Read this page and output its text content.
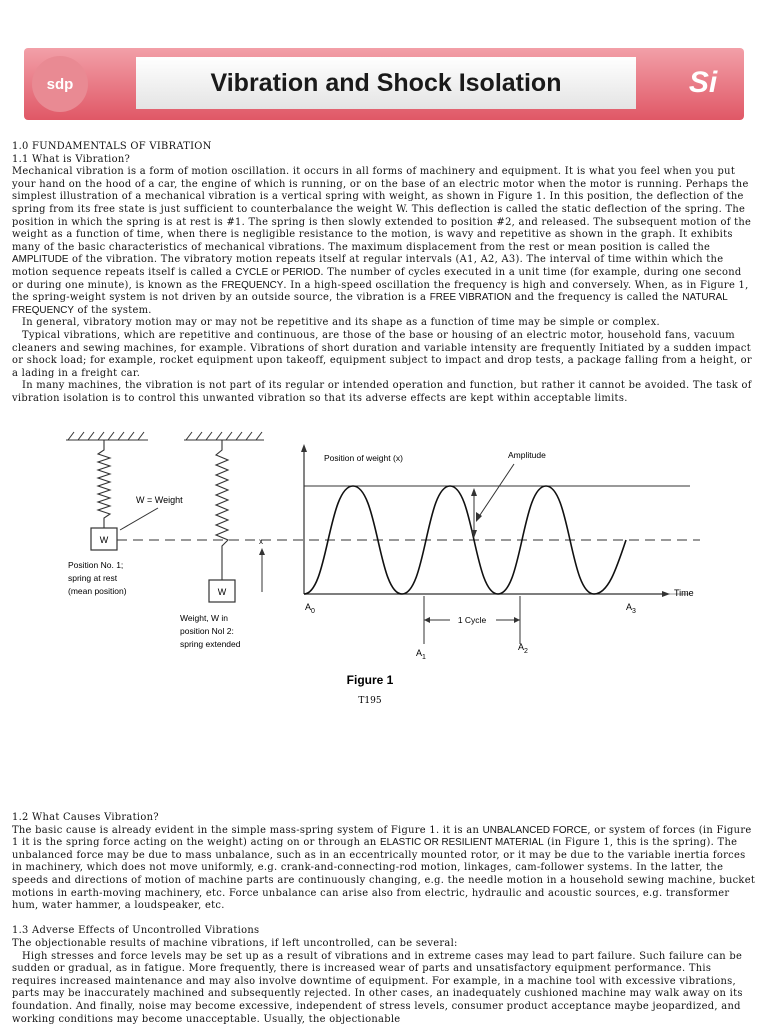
sdp	Vibration and Shock Isolation	Si

1.0 FUNDAMENTALS OF VIBRATION

1.1 What is Vibration?

Mechanical vibration is a form of motion oscillation. it occurs in all forms of machinery and equipment. It is what you feel when you put your hand on the hood of a car, the engine of which is running, or on the base of an electric motor when the motor is running. Perhaps the simplest illustration of a mechanical vibration is a vertical spring with weight, as shown in Figure 1. In this position, the deflection of the spring from its free state is just sufficient to counterbalance the weight W. This deflection is called the static deflection of the spring. The position in which the spring is at rest is #1. The spring is then slowly extended to position #2, and released. The subsequent motion of the weight as a function of time, when there is negligible resistance to the motion, is wavy and repetitive as shown in the graph. It exhibits many of the basic characteristics of mechanical vibrations. The maximum displacement from the rest or mean position is called the AMPLITUDE of the vibration. The vibratory motion repeats itself at regular intervals (A1, A2, A3). The interval of time within which the motion sequence repeats itself is called a CYCLE or PERIOD. The number of cycles executed in a unit time (for example, during one second or during one minute), is known as the FREQUENCY. In a high-speed oscillation the frequency is high and conversely. When, as in Figure 1, the spring-weight system is not driven by an outside source, the vibration is a FREE VIBRATION and the frequency is called the NATURAL FREQUENCY of the system.

In general, vibratory motion may or may not be repetitive and its shape as a function of time may be simple or complex.

Typical vibrations, which are repetitive and continuous, are those of the base or housing of an electric motor, household fans, vacuum cleaners and sewing machines, for example. Vibrations of short duration and variable intensity are frequently Initiated by a sudden impact or shock load; for example, rocket equipment upon takeoff, equipment subject to impact and drop tests, a package falling from a height, or a lading in a freight car.

In many machines, the vibration is not part of its regular or intended operation and function, but rather it cannot be avoided. The task of vibration isolation is to control this unwanted vibration so that its adverse effects are kept within acceptable limits.

W
W = Weight
Position No. 1;
spring at rest
(mean position)	W
x
Weight, W in
position Nol 2:
spring extended
Position of weight (x)	Amplitude
Time
1 Cycle
$A_0$
$A_1$
$A_2$
$A_3$
Figure 1
T195

1.2 What Causes Vibration?

The basic cause is already evident in the simple mass-spring system of Figure 1. it is an UNBALANCED FORCE, or system of forces (in Figure 1 it is the spring force acting on the weight) acting on or through an ELASTIC OR RESILIENT MATERIAL (in Figure 1, this is the spring). The unbalanced force may be due to mass unbalance, such as in an eccentrically mounted rotor, or it may be due to the variable inertia forces in machinery, which does not move uniformly, e.g. crank-and-connecting-rod motion, linkages, cam-follower systems. In the latter, the speeds and directions of motion of machine parts are continuously changing, e.g. the needle motion in a household sewing machine, bucket motions in earth-moving machinery, etc. Force unbalance can arise also from electric, hydraulic and acoustic sources, e.g. transformer hum, water hammer, a loudspeaker, etc.

1.3 Adverse Effects of Uncontrolled Vibrations

The objectionable results of machine vibrations, if left uncontrolled, can be several:

High stresses and force levels may be set up as a result of vibrations and in extreme cases may lead to part failure. Such failure can be sudden or gradual, as in fatigue. More frequently, there is increased wear of parts and unsatisfactory equipment performance. This requires increased maintenance and may also involve downtime of equipment. For example, in a machine tool with excessive vibrations, parts may be inaccurately machined and subsequently rejected. In other cases, an inadequately cushioned machine may walk away on its foundation. And finally, noise may become excessive, independent of stress levels, consumer product acceptance maybe jeopardized, and working conditions may become unacceptable. Usually, the objectionable
